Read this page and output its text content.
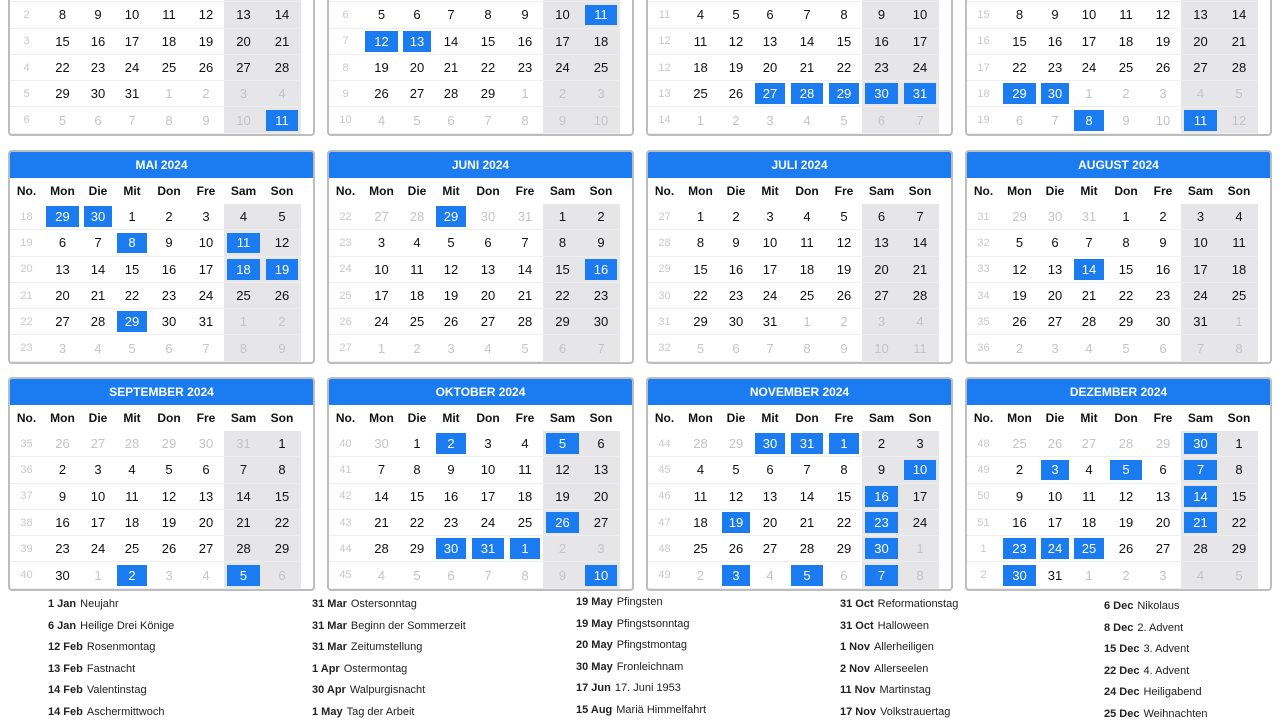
2	8 9 10 11 12 13 14
3	15 16 17 18 19 20 21
4	22 23 24 25 26 27 28
5	29 30 31 1 2 3 4
6	5 6 7 8 9 10	11
6	5 6 7 8 9 10	11
7	12	13	14 15 16 17 18
8	19 20 21 22 23 24 25
9	26 27 28 29 1 2 3
10	4 5 6 7 8 9 10
11	4 5 6 7 8 9 10
12	11 12 13 14 15 16 17
12	18 19 20 21 22 23 24
13	25 26	27	28	29	30	31
14	1 2 3 4 5 6 7
15	8 9 10 11 12 13 14
16	15 16 17 18 19 20 21
17	22 23 24 25 26 27 28
18	29	30	1 2 3 4 5
19	6 7	8	9 10	11	12
MAI 2024
No.	Mon	Die	Mit	Don	Fre	Sam	Son
18	29	30	1 2 3 4 5
19	6 7	8	9 10	11	12
20	13 14 15 16 17	18	19
21	20 21 22 23 24 25 26
22	27 28	29	30 31 1 2
23	3 4 5 6 7 8 9
JUNI 2024
No.	Mon	Die	Mit	Don	Fre	Sam	Son
22	27 28	29	30 31 1 2
23	3 4 5 6 7 8 9
24	10 11 12 13 14 15	16
25	17 18 19 20 21 22 23
26	24 25 26 27 28 29 30
27	1 2 3 4 5 6 7
JULI 2024
No.	Mon	Die	Mit	Don	Fre	Sam	Son
27	1 2 3 4 5 6 7
28	8 9 10 11 12 13 14
29	15 16 17 18 19 20 21
30	22 23 24 25 26 27 28
31	29 30 31 1 2 3 4
32	5 6 7 8 9 10 11
AUGUST 2024
No.	Mon	Die	Mit	Don	Fre	Sam	Son
31	29 30 31 1 2 3 4
32	5 6 7 8 9 10 11
33	12 13	14	15 16 17 18
34	19 20 21 22 23 24 25
35	26 27 28 29 30 31 1
36	2 3 4 5 6 7 8
SEPTEMBER 2024
No.	Mon	Die	Mit	Don	Fre	Sam	Son
35	26 27 28 29 30 31 1
36	2 3 4 5 6 7 8
37	9 10 11 12 13 14 15
38	16 17 18 19 20 21 22
39	23 24 25 26 27 28 29
40	30 1	2	3 4	5	6
OKTOBER 2024
No.	Mon	Die	Mit	Don	Fre	Sam	Son
40	30 1	2	3 4	5	6
41	7 8 9 10 11 12 13
42	14 15 16 17 18 19 20
43	21 22 23 24 25	26	27
44	28 29	30	31	1	2 3
45	4 5 6 7 8 9	10
NOVEMBER 2024
No.	Mon	Die	Mit	Don	Fre	Sam	Son
44	28 29	30	31	1	2 3
45	4 5 6 7 8 9	10
46	11 12 13 14 15	16	17
47	18	19	20 21 22	23	24
48	25 26 27 28 29	30	1
49	2	3	4	5	6	7	8
DEZEMBER 2024
No.	Mon	Die	Mit	Don	Fre	Sam	Son
48	25 26 27 28 29	30	1
49	2	3	4	5	6	7	8
50	9 10 11 12 13	14	15
51	16 17 18 19 20	21	22
1	23	24	25	26 27 28 29
2	30	31 1 2 3 4 5
1 Jan Neujahr
6 Jan Heilige Drei Könige
12 Feb Rosenmontag
13 Feb Fastnacht
14 Feb Valentinstag
14 Feb Aschermittwoch
31 Mar Ostersonntag
31 Mar Beginn der Sommerzeit
31 Mar Zeitumstellung
1 Apr Ostermontag
30 Apr Walpurgisnacht
1 May Tag der Arbeit
19 May Pfingsten
19 May Pfingstsonntag
20 May Pfingstmontag
30 May Fronleichnam
17 Jun 17. Juni 1953
15 Aug Mariä Himmelfahrt
31 Oct Reformationstag
31 Oct Halloween
1 Nov Allerheiligen
2 Nov Allerseelen
11 Nov Martinstag
17 Nov Volkstrauertag
6 Dec Nikolaus
8 Dec 2. Advent
15 Dec 3. Advent
22 Dec 4. Advent
24 Dec Heiligabend
25 Dec Weihnachten
